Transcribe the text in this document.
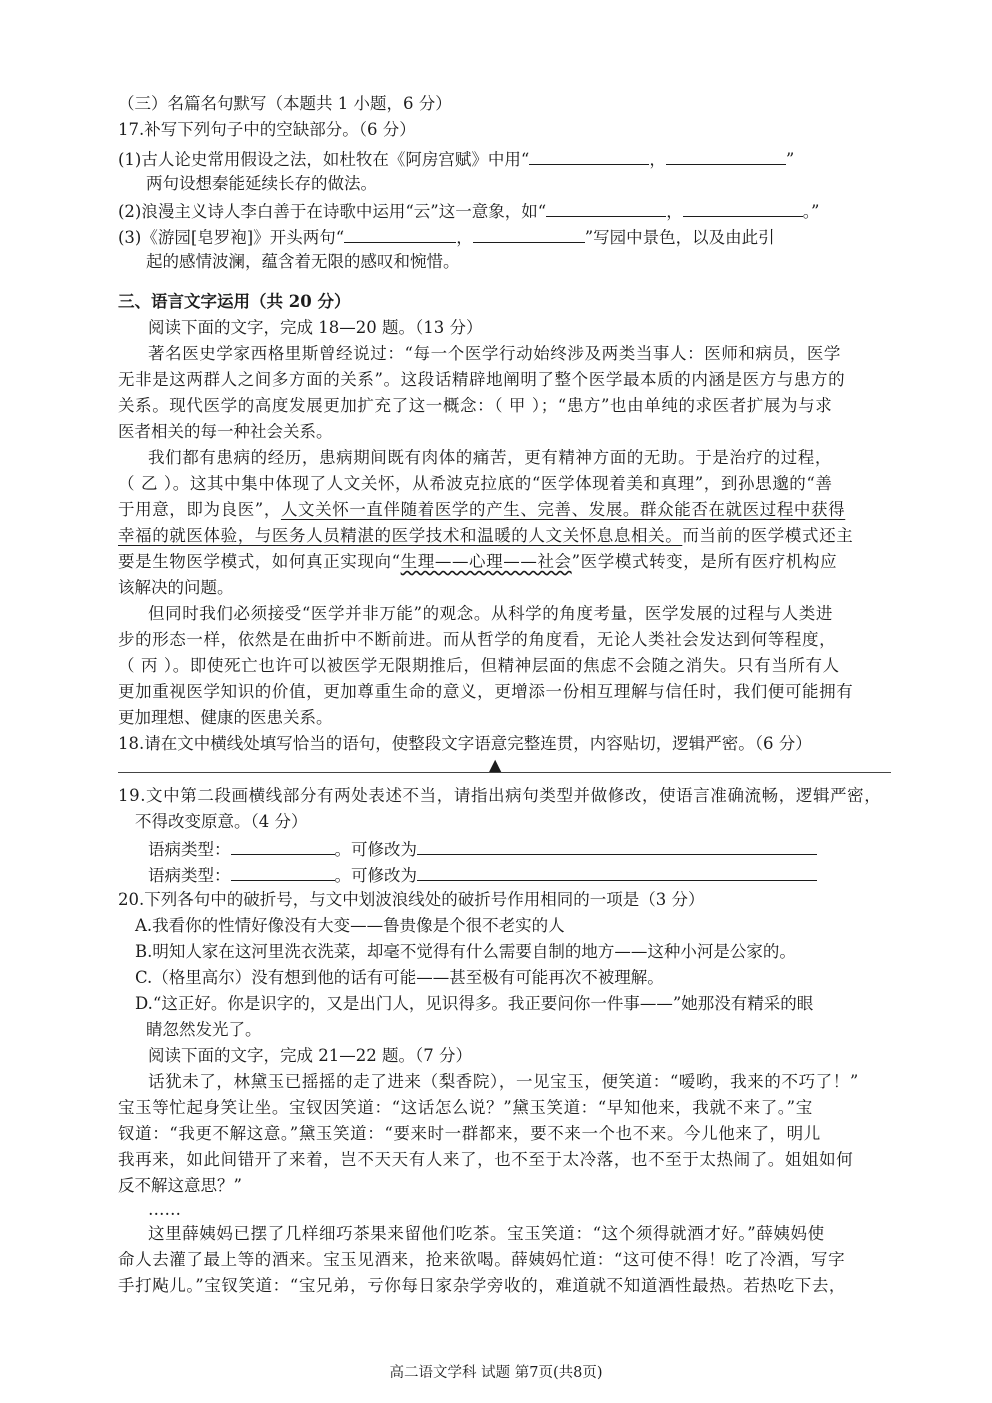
（三）名篇名句默写（本题共 1 小题，6 分）
17.补写下列句子中的空缺部分。（6 分）
(1)古人论史常用假设之法，如杜牧在《阿房宫赋》中用“	，	”
两句设想秦能延续长存的做法。
(2)浪漫主义诗人李白善于在诗歌中运用“云”这一意象，如“	，	。”
(3)《游园[皂罗袍]》开头两句“	，	”写园中景色，以及由此引
起的感情波澜，蕴含着无限的感叹和惋惜。
三、语言文字运用（共 20 分）
阅读下面的文字，完成 18—20 题。（13 分）
著名医史学家西格里斯曾经说过：“每一个医学行动始终涉及两类当事人：医师和病员，医学
无非是这两群人之间多方面的关系”。这段话精辟地阐明了整个医学最本质的内涵是医方与患方的
关系。现代医学的高度发展更加扩充了这一概念：（ 甲 ）；“患方”也由单纯的求医者扩展为与求
医者相关的每一种社会关系。
我们都有患病的经历，患病期间既有肉体的痛苦，更有精神方面的无助。于是治疗的过程，
（ 乙 ）。这其中集中体现了人文关怀，从希波克拉底的“医学体现着美和真理”，到孙思邈的“善
于用意，即为良医”，人文关怀一直伴随着医学的产生、完善、发展。群众能否在就医过程中获得
幸福的就医体验，与医务人员精湛的医学技术和温暖的人文关怀息息相关。而当前的医学模式还主
要是生物医学模式，如何真正实现向“生理——心理——社会”医学模式转变，是所有医疗机构应
该解决的问题。
但同时我们必须接受“医学并非万能”的观念。从科学的角度考量，医学发展的过程与人类进
步的形态一样，依然是在曲折中不断前进。而从哲学的角度看，无论人类社会发达到何等程度，
（ 丙 ）。即使死亡也许可以被医学无限期推后，但精神层面的焦虑不会随之消失。只有当所有人
更加重视医学知识的价值，更加尊重生命的意义，更增添一份相互理解与信任时，我们便可能拥有
更加理想、健康的医患关系。
18.请在文中横线处填写恰当的语句，使整段文字语意完整连贯，内容贴切，逻辑严密。（6 分）
▲
19.文中第二段画横线部分有两处表述不当，请指出病句类型并做修改，使语言准确流畅，逻辑严密，
不得改变原意。（4 分）
语病类型：	。可修改为
语病类型：	。可修改为
20.下列各句中的破折号，与文中划波浪线处的破折号作用相同的一项是（3 分）
A.我看你的性情好像没有大变——鲁贵像是个很不老实的人
B.明知人家在这河里洗衣洗菜，却毫不觉得有什么需要自制的地方——这种小河是公家的。
C.（格里高尔）没有想到他的话有可能——甚至极有可能再次不被理解。
D.“这正好。你是识字的，又是出门人，见识得多。我正要问你一件事——”她那没有精采的眼
睛忽然发光了。
阅读下面的文字，完成 21—22 题。（7 分）
话犹未了，林黛玉已摇摇的走了进来（梨香院），一见宝玉，便笑道：“嗳哟，我来的不巧了！”
宝玉等忙起身笑让坐。宝钗因笑道：“这话怎么说？”黛玉笑道：“早知他来，我就不来了。”宝
钗道：“我更不解这意。”黛玉笑道：“要来时一群都来，要不来一个也不来。今儿他来了，明儿
我再来，如此间错开了来着，岂不天天有人来了，也不至于太冷落，也不至于太热闹了。姐姐如何
反不解这意思？”
……
这里薛姨妈已摆了几样细巧茶果来留他们吃茶。宝玉笑道：“这个须得就酒才好。”薛姨妈使
命人去灌了最上等的酒来。宝玉见酒来，抢来欲喝。薛姨妈忙道：“这可使不得！吃了冷酒，写字
手打飐儿。”宝钗笑道：“宝兄弟，亏你每日家杂学旁收的，难道就不知道酒性最热。若热吃下去，
高二语文学科 试题 第7页(共8页)
